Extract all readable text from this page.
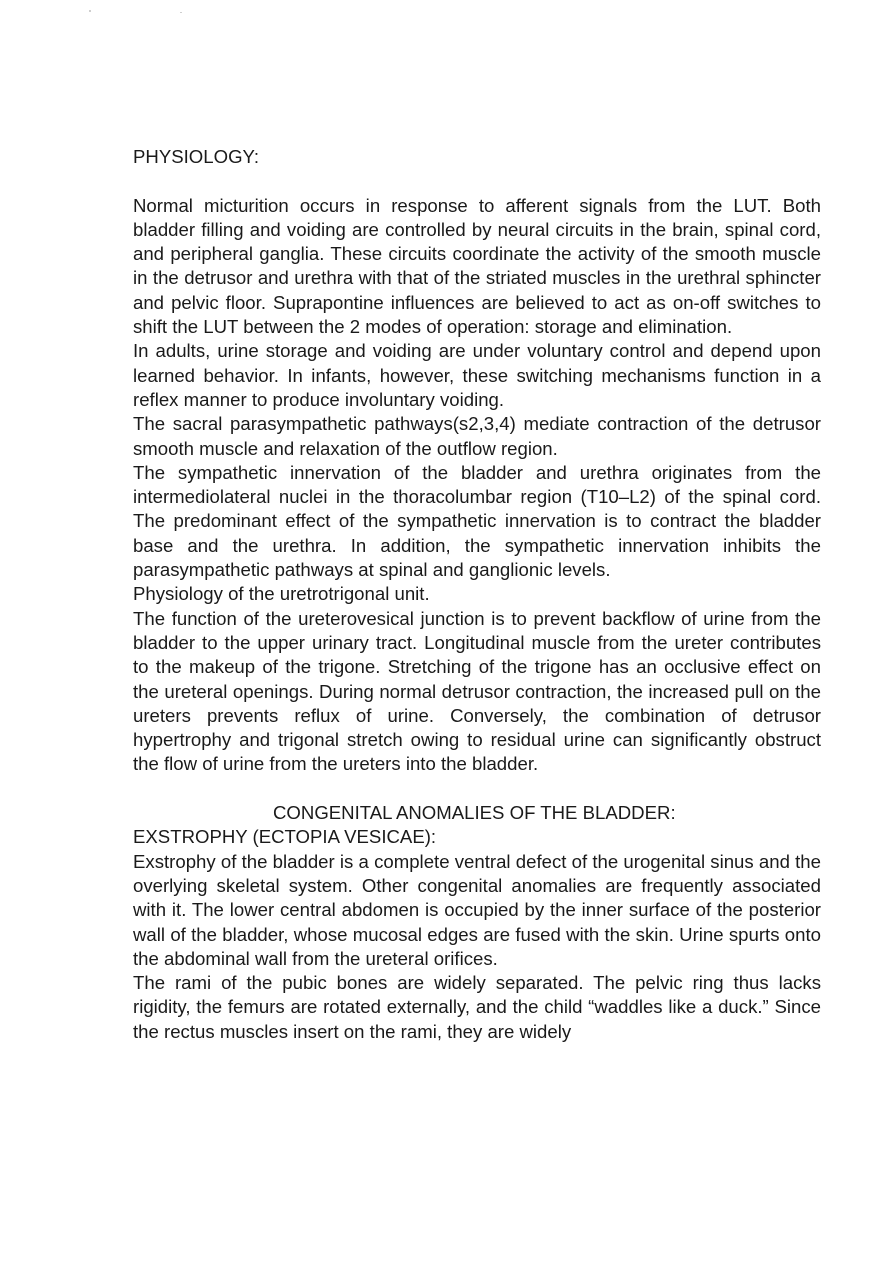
PHYSIOLOGY:

Normal micturition occurs in response to afferent signals from the LUT. Both bladder filling and voiding are controlled by neural circuits in the brain, spinal cord, and peripheral ganglia. These circuits coordinate the activity of the smooth muscle in the detrusor and urethra with that of the striated muscles in the urethral sphincter and pelvic floor. Suprapontine influences are believed to act as on-off switches to shift the LUT between the 2 modes of operation: storage and elimination.

In adults, urine storage and voiding are under voluntary control and depend upon learned behavior. In infants, however, these switching mechanisms function in a reflex manner to produce involuntary voiding.

The sacral parasympathetic pathways(s2,3,4) mediate contraction of the detrusor smooth muscle and relaxation of the outflow region.

The sympathetic innervation of the bladder and urethra originates from the intermediolateral nuclei in the thoracolumbar region (T10–L2) of the spinal cord. The predominant effect of the sympathetic innervation is to contract the bladder base and the urethra. In addition, the sympathetic innervation inhibits the parasympathetic pathways at spinal and ganglionic levels.

Physiology of the uretrotrigonal unit.

The function of the ureterovesical junction is to prevent backflow of urine from the bladder to the upper urinary tract. Longitudinal muscle from the ureter contributes to the makeup of the trigone. Stretching of the trigone has an occlusive effect on the ureteral openings. During normal detrusor contraction, the increased pull on the ureters prevents reflux of urine. Conversely, the combination of detrusor hypertrophy and trigonal stretch owing to residual urine can significantly obstruct the flow of urine from the ureters into the bladder.

CONGENITAL ANOMALIES OF THE BLADDER:
EXSTROPHY (ECTOPIA VESICAE):

Exstrophy of the bladder is a complete ventral defect of the urogenital sinus and the overlying skeletal system. Other congenital anomalies are frequently associated with it. The lower central abdomen is occupied by the inner surface of the posterior wall of the bladder, whose mucosal edges are fused with the skin. Urine spurts onto the abdominal wall from the ureteral orifices.

The rami of the pubic bones are widely separated. The pelvic ring thus lacks rigidity, the femurs are rotated externally, and the child “waddles like a duck.” Since the rectus muscles insert on the rami, they are widely
